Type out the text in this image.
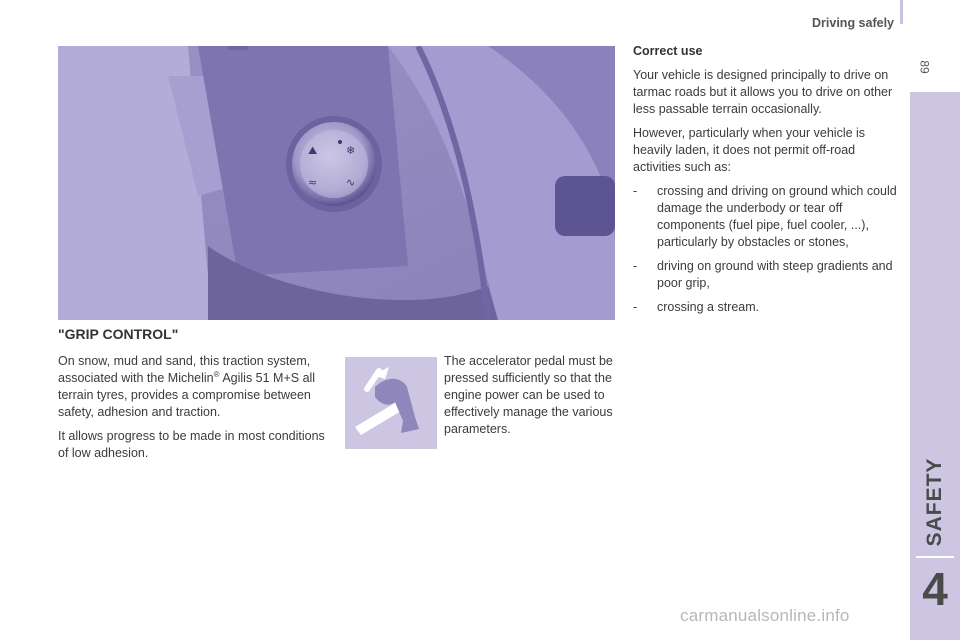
Driving safely
89
SAFETY
4
⛰	❄
≈	∿
"GRIP CONTROL"

On snow, mud and sand, this traction system, associated with the Michelin® Agilis 51 M+S all terrain tyres, provides a compromise between safety, adhesion and traction.

It allows progress to be made in most conditions of low adhesion.

The accelerator pedal must be pressed sufficiently so that the engine power can be used to effectively manage the various parameters.

Correct use

Your vehicle is designed principally to drive on tarmac roads but it allows you to drive on other less passable terrain occasionally.

However, particularly when your vehicle is heavily laden, it does not permit off-road activities such as:

- crossing and driving on ground which could damage the underbody or tear off components (fuel pipe, fuel cooler, ...), particularly by obstacles or stones,
- driving on ground with steep gradients and poor grip,
- crossing a stream.
carmanualsonline.info
